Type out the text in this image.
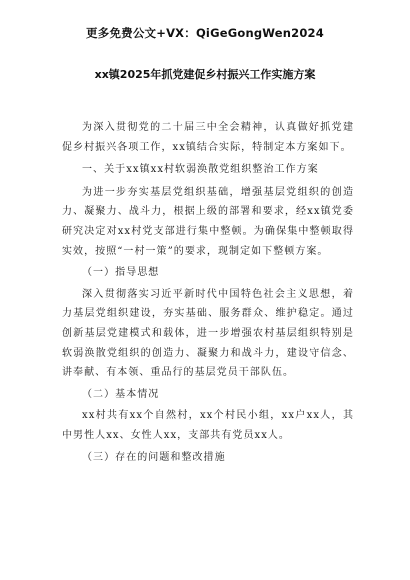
更多免费公文+VX：QiGeGongWen2024
xx镇2025年抓党建促乡村振兴工作实施方案

为深入贯彻党的二十届三中全会精神，认真做好抓党建促乡村振兴各项工作，xx镇结合实际，特制定本方案如下。

一、关于xx镇xx村软弱涣散党组织整治工作方案

为进一步夯实基层党组织基础，增强基层党组织的创造力、凝聚力、战斗力，根据上级的部署和要求，经xx镇党委研究决定对xx村党支部进行集中整顿。为确保集中整顿取得实效，按照“一村一策”的要求，现制定如下整顿方案。

（一）指导思想

深入贯彻落实习近平新时代中国特色社会主义思想，着力基层党组织建设，夯实基础、服务群众、维护稳定。通过创新基层党建模式和载体，进一步增强农村基层组织特别是软弱涣散党组织的创造力、凝聚力和战斗力，建设守信念、讲奉献、有本领、重品行的基层党员干部队伍。

（二）基本情况

xx村共有xx个自然村，xx个村民小组，xx户xx人，其中男性人xx、女性人xx，支部共有党员xx人。

（三）存在的问题和整改措施
